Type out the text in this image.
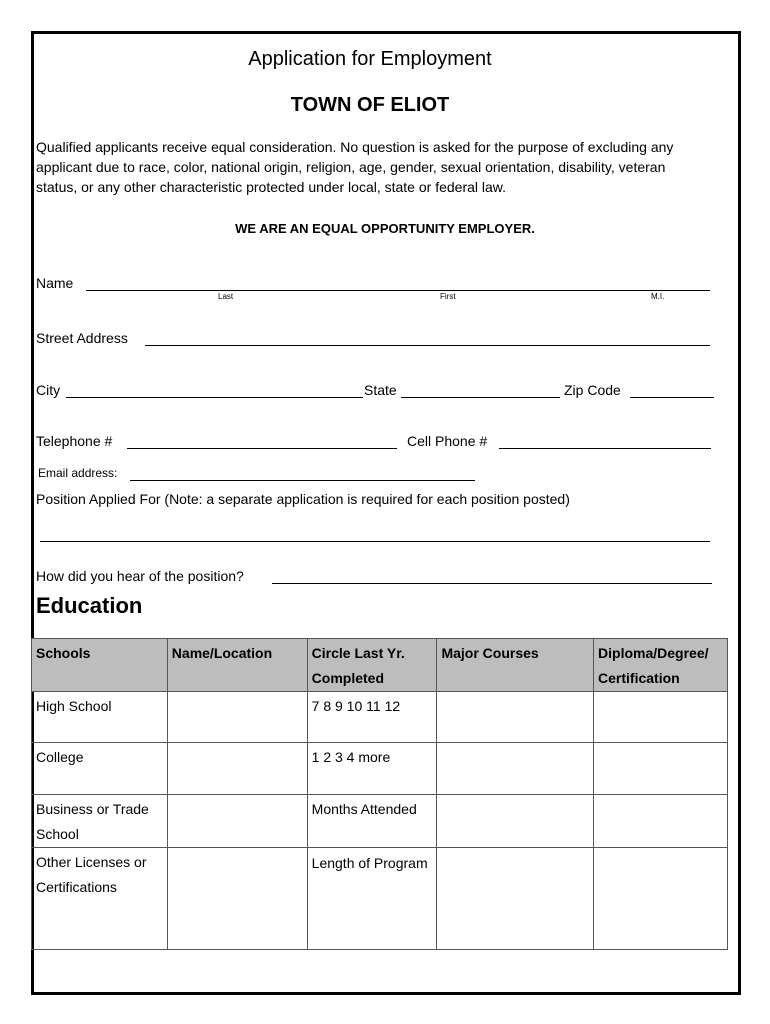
Application for Employment
TOWN OF ELIOT

Qualified applicants receive equal consideration. No question is asked for the purpose of excluding any

applicant due to race, color, national origin, religion, age, gender, sexual orientation, disability, veteran

status, or any other characteristic protected under local, state or federal law.

WE ARE AN EQUAL OPPORTUNITY EMPLOYER.
Name
Last	First	M.I.
Street Address
City	State	Zip Code
Telephone #	Cell Phone #
Email address:
Position Applied For (Note: a separate application is required for each position posted)
How did you hear of the position?
Education
Schools	Name/Location	Circle Last Yr. Completed	Major Courses	Diploma/Degree/ Certification
High School		7 8 9 10 11 12		
College		1 2 3 4 more		
Business or Trade School		Months Attended		
Other Licenses or Certifications		Length of Program		
